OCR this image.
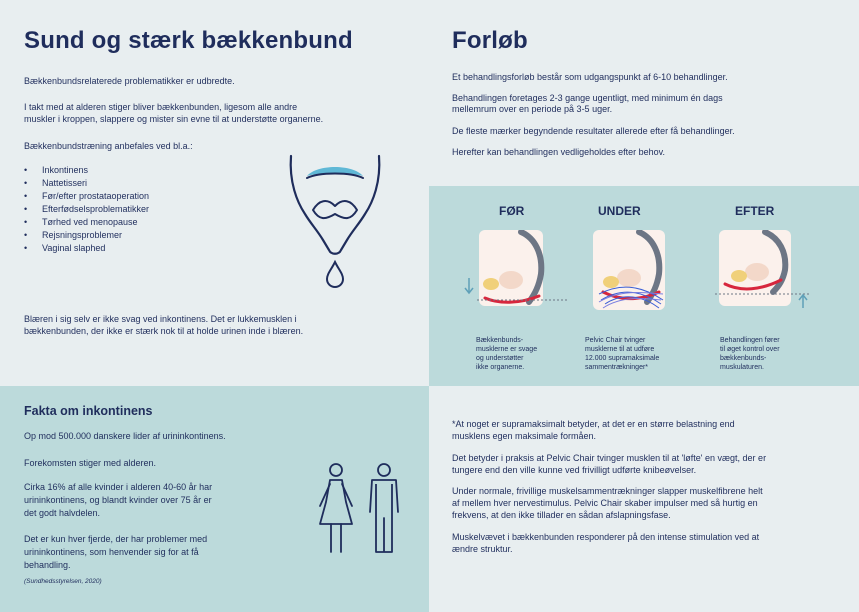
Sund og stærk bækkenbund

Bækkenbundsrelaterede problematikker er udbredte.

I takt med at alderen stiger bliver bækkenbunden, ligesom alle andre

muskler i kroppen, slappere og mister sin evne til at understøtte organerne.

Bækkenbundstræning anbefales ved bl.a.:

• Inkontinens
• Nattetisseri
• Før/efter prostataoperation
• Efterfødselsproblematikker
• Tørhed ved menopause
• Rejsningsproblemer
• Vaginal slaphed

Blæren i sig selv er ikke svag ved inkontinens. Det er lukkemusklen i

bækkenbunden, der ikke er stærk nok til at holde urinen inde i blæren.

Forløb

Et behandlingsforløb består som udgangspunkt af 6-10 behandlinger.

Behandlingen foretages 2-3 gange ugentligt, med minimum én dags

mellemrum over en periode på 3-5 uger.

De fleste mærker begyndende resultater allerede efter få behandlinger.

Herefter kan behandlingen vedligeholdes efter behov.

FØR	UNDER	EFTER
Bækkenbunds-
musklerne er svage
og understøtter
ikke organerne.
Pelvic Chair tvinger
musklerne til at udføre
12.000 supramaksimale
sammentrækninger*
Behandlingen fører
til øget kontrol over
bækkenbunds-
muskulaturen.
Fakta om inkontinens

Op mod 500.000 danskere lider af urininkontinens.

Forekomsten stiger med alderen.

Cirka 16% af alle kvinder i alderen 40-60 år har

urininkontinens, og blandt kvinder over 75 år er

det godt halvdelen.

Det er kun hver fjerde, der har problemer med

urininkontinens, som henvender sig for at få

behandling.

(Sundhedsstyrelsen, 2020)

*At noget er supramaksimalt betyder, at det er en større belastning end

musklens egen maksimale formåen.

Det betyder i praksis at Pelvic Chair tvinger musklen til at 'løfte' en vægt, der er

tungere end den ville kunne ved frivilligt udførte knibeøvelser.

Under normale, frivillige muskelsammentrækninger slapper muskelfibrene helt

af mellem hver nervestimulus. Pelvic Chair skaber impulser med så hurtig en

frekvens, at den ikke tillader en sådan afslapningsfase.

Muskelvævet i bækkenbunden responderer på den intense stimulation ved at

ændre struktur.
